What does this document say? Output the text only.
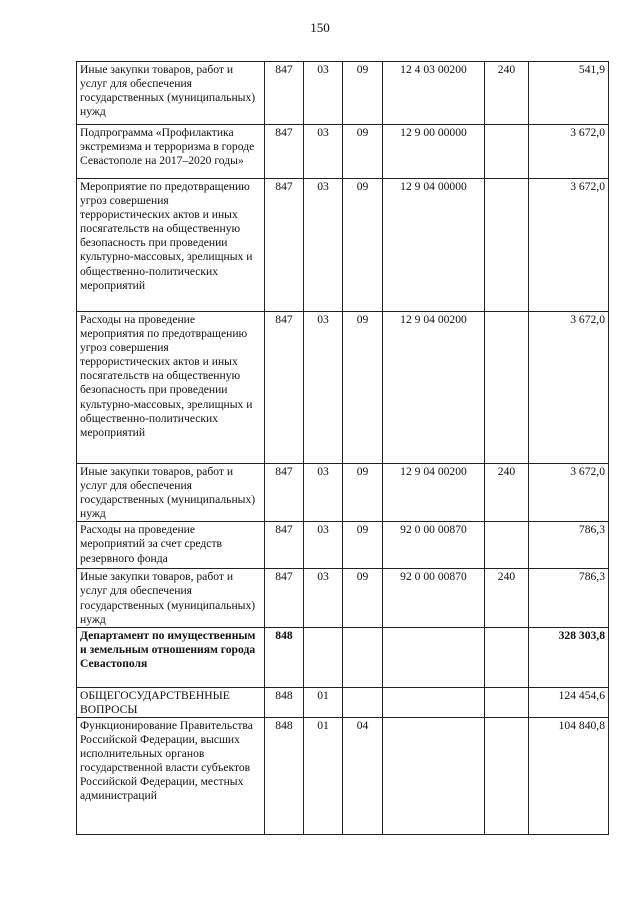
150
Иные закупки товаров, работ и услуг для обеспечения государственных (муниципальных) нужд	847	03	09	12 4 03 00200	240	541,9
Подпрограмма «Профилактика экстремизма и терроризма в городе Севастополе на 2017–2020 годы»	847	03	09	12 9 00 00000		3 672,0
Мероприятие по предотвращению угроз совершения террористических актов и иных посягательств на общественную безопасность при проведении культурно-массовых, зрелищных и общественно-политических мероприятий	847	03	09	12 9 04 00000		3 672,0
Расходы на проведение мероприятия по предотвращению угроз совершения террористических актов и иных посягательств на общественную безопасность при проведении культурно-массовых, зрелищных и общественно-политических мероприятий	847	03	09	12 9 04 00200		3 672,0
Иные закупки товаров, работ и услуг для обеспечения государственных (муниципальных) нужд	847	03	09	12 9 04 00200	240	3 672,0
Расходы на проведение мероприятий за счет средств резервного фонда	847	03	09	92 0 00 00870		786,3
Иные закупки товаров, работ и услуг для обеспечения государственных (муниципальных) нужд	847	03	09	92 0 00 00870	240	786,3
Департамент по имущественным и земельным отношениям города Севастополя	848					328 303,8
ОБЩЕГОСУДАРСТВЕННЫЕ ВОПРОСЫ	848	01				124 454,6
Функционирование Правительства Российской Федерации, высших исполнительных органов государственной власти субъектов Российской Федерации, местных администраций	848	01	04			104 840,8
